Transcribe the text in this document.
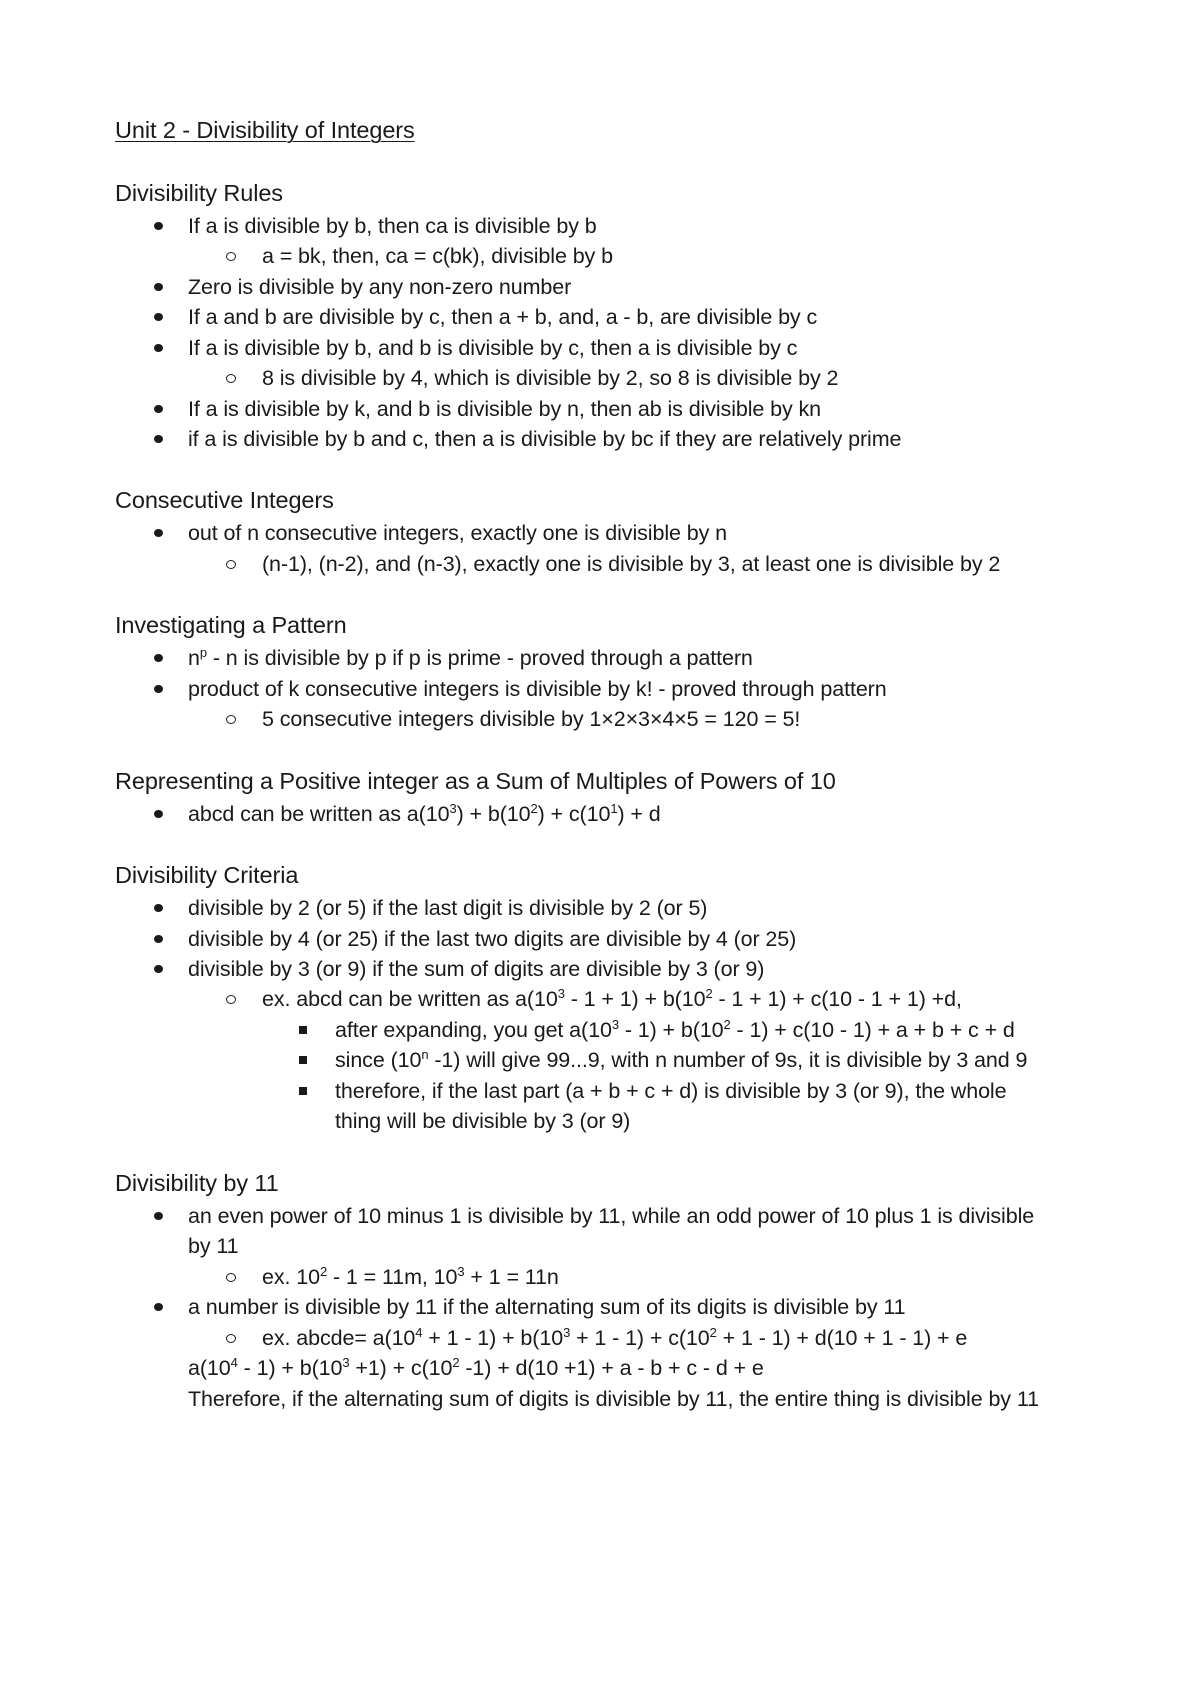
Unit 2 - Divisibility of Integers
Divisibility Rules
If a is divisible by b, then ca is divisible by b
a = bk, then, ca = c(bk), divisible by b
Zero is divisible by any non-zero number
If a and b are divisible by c, then a + b, and, a - b, are divisible by c
If a is divisible by b, and b is divisible by c, then a is divisible by c
8 is divisible by 4, which is divisible by 2, so 8 is divisible by 2
If a is divisible by k, and b is divisible by n, then ab is divisible by kn
if a is divisible by b and c, then a is divisible by bc if they are relatively prime
Consecutive Integers
out of n consecutive integers, exactly one is divisible by n
(n-1), (n-2), and (n-3), exactly one is divisible by 3, at least one is divisible by 2
Investigating a Pattern
$n^p$ - n is divisible by p if p is prime - proved through a pattern
product of k consecutive integers is divisible by k! - proved through pattern
5 consecutive integers divisible by 1×2×3×4×5 = 120 = 5!
Representing a Positive integer as a Sum of Multiples of Powers of 10
abcd can be written as $a(10^3) + b(10^2) + c(10^1) + d$
Divisibility Criteria
divisible by 2 (or 5) if the last digit is divisible by 2 (or 5)
divisible by 4 (or 25) if the last two digits are divisible by 4 (or 25)
divisible by 3 (or 9) if the sum of digits are divisible by 3 (or 9)
ex. abcd can be written as $a(10^3 - 1 + 1) + b(10^2 - 1 + 1) + c(10 - 1 + 1) +d$,
after expanding, you get $a(10^3 - 1) + b(10^2 - 1) + c(10 - 1) + a + b + c + d$
since (10$^n$ -1) will give 99...9, with n number of 9s, it is divisible by 3 and 9
therefore, if the last part (a + b + c + d) is divisible by 3 (or 9), the whole
thing will be divisible by 3 (or 9)
Divisibility by 11
an even power of 10 minus 1 is divisible by 11, while an odd power of 10 plus 1 is divisible
by 11
ex. $10^2 - 1 = 11m$, $10^3 + 1 = 11n$
a number is divisible by 11 if the alternating sum of its digits is divisible by 11
ex. abcde= $a(10^4 + 1 - 1) + b(10^3 + 1 - 1) + c(10^2 + 1 - 1) + d(10 + 1 - 1) + e$
$a(10^4 - 1) + b(10^3 +1) + c(10^2$ -1) + d(10 +1) + a - b + c - d + e
Therefore, if the alternating sum of digits is divisible by 11, the entire thing is divisible by 11
